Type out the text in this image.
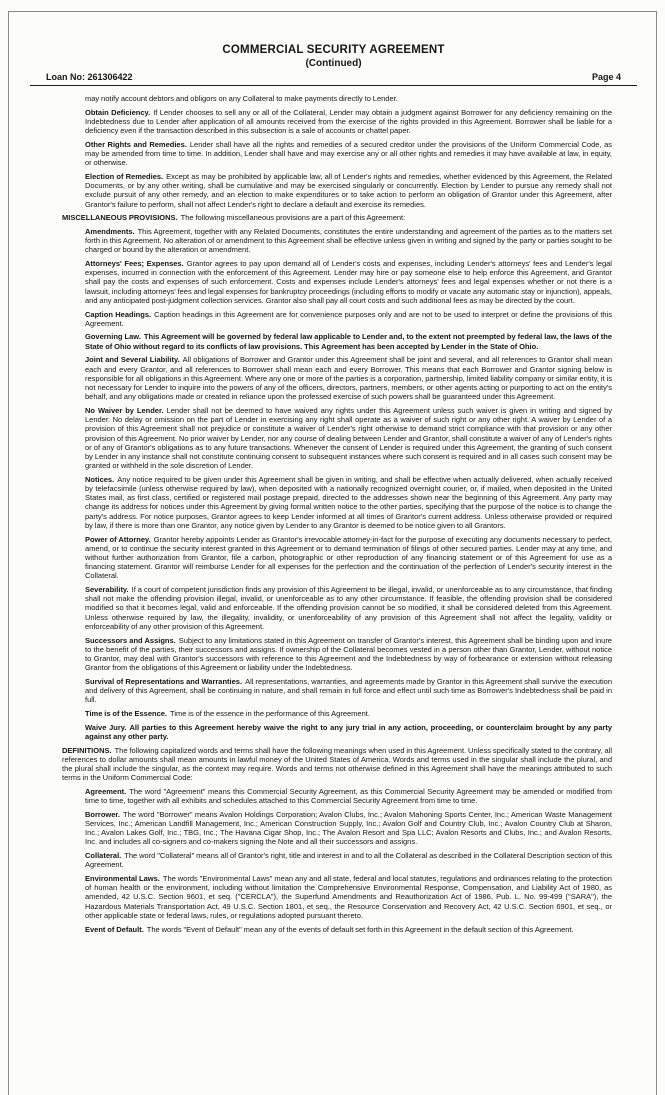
COMMERCIAL SECURITY AGREEMENT
(Continued)
Loan No: 261306422	Page 4

may notify account debtors and obligors on any Collateral to make payments directly to Lender.

Obtain Deficiency. If Lender chooses to sell any or all of the Collateral, Lender may obtain a judgment against Borrower for any deficiency remaining on the Indebtedness due to Lender after application of all amounts received from the exercise of the rights provided in this Agreement. Borrower shall be liable for a deficiency even if the transaction described in this subsection is a sale of accounts or chattel paper.

Other Rights and Remedies. Lender shall have all the rights and remedies of a secured creditor under the provisions of the Uniform Commercial Code, as may be amended from time to time. In addition, Lender shall have and may exercise any or all other rights and remedies it may have available at law, in equity, or otherwise.

Election of Remedies. Except as may be prohibited by applicable law, all of Lender's rights and remedies, whether evidenced by this Agreement, the Related Documents, or by any other writing, shall be cumulative and may be exercised singularly or concurrently. Election by Lender to pursue any remedy shall not exclude pursuit of any other remedy, and an election to make expenditures or to take action to perform an obligation of Grantor under this Agreement, after Grantor's failure to perform, shall not affect Lender's right to declare a default and exercise its remedies.

MISCELLANEOUS PROVISIONS. The following miscellaneous provisions are a part of this Agreement:

Amendments. This Agreement, together with any Related Documents, constitutes the entire understanding and agreement of the parties as to the matters set forth in this Agreement. No alteration of or amendment to this Agreement shall be effective unless given in writing and signed by the party or parties sought to be charged or bound by the alteration or amendment.

Attorneys' Fees; Expenses. Grantor agrees to pay upon demand all of Lender's costs and expenses, including Lender's attorneys' fees and Lender's legal expenses, incurred in connection with the enforcement of this Agreement. Lender may hire or pay someone else to help enforce this Agreement, and Grantor shall pay the costs and expenses of such enforcement. Costs and expenses include Lender's attorneys' fees and legal expenses whether or not there is a lawsuit, including attorneys' fees and legal expenses for bankruptcy proceedings (including efforts to modify or vacate any automatic stay or injunction), appeals, and any anticipated post-judgment collection services. Grantor also shall pay all court costs and such additional fees as may be directed by the court.

Caption Headings. Caption headings in this Agreement are for convenience purposes only and are not to be used to interpret or define the provisions of this Agreement.

Governing Law. This Agreement will be governed by federal law applicable to Lender and, to the extent not preempted by federal law, the laws of the State of Ohio without regard to its conflicts of law provisions. This Agreement has been accepted by Lender in the State of Ohio.

Joint and Several Liability. All obligations of Borrower and Grantor under this Agreement shall be joint and several, and all references to Grantor shall mean each and every Grantor, and all references to Borrower shall mean each and every Borrower. This means that each Borrower and Grantor signing below is responsible for all obligations in this Agreement. Where any one or more of the parties is a corporation, partnership, limited liability company or similar entity, it is not necessary for Lender to inquire into the powers of any of the officers, directors, partners, members, or other agents acting or purporting to act on the entity's behalf, and any obligations made or created in reliance upon the professed exercise of such powers shall be guaranteed under this Agreement.

No Waiver by Lender. Lender shall not be deemed to have waived any rights under this Agreement unless such waiver is given in writing and signed by Lender. No delay or omission on the part of Lender in exercising any right shall operate as a waiver of such right or any other right. A waiver by Lender of a provision of this Agreement shall not prejudice or constitute a waiver of Lender's right otherwise to demand strict compliance with that provision or any other provision of this Agreement. No prior waiver by Lender, nor any course of dealing between Lender and Grantor, shall constitute a waiver of any of Lender's rights or of any of Grantor's obligations as to any future transactions. Whenever the consent of Lender is required under this Agreement, the granting of such consent by Lender in any instance shall not constitute continuing consent to subsequent instances where such consent is required and in all cases such consent may be granted or withheld in the sole discretion of Lender.

Notices. Any notice required to be given under this Agreement shall be given in writing, and shall be effective when actually delivered, when actually received by telefacsimile (unless otherwise required by law), when deposited with a nationally recognized overnight courier, or, if mailed, when deposited in the United States mail, as first class, certified or registered mail postage prepaid, directed to the addresses shown near the beginning of this Agreement. Any party may change its address for notices under this Agreement by giving formal written notice to the other parties, specifying that the purpose of the notice is to change the party's address. For notice purposes, Grantor agrees to keep Lender informed at all times of Grantor's current address. Unless otherwise provided or required by law, if there is more than one Grantor, any notice given by Lender to any Grantor is deemed to be notice given to all Grantors.

Power of Attorney. Grantor hereby appoints Lender as Grantor's irrevocable attorney-in-fact for the purpose of executing any documents necessary to perfect, amend, or to continue the security interest granted in this Agreement or to demand termination of filings of other secured parties. Lender may at any time, and without further authorization from Grantor, file a carbon, photographic or other reproduction of any financing statement or of this Agreement for use as a financing statement. Grantor will reimburse Lender for all expenses for the perfection and the continuation of the perfection of Lender's security interest in the Collateral.

Severability. If a court of competent jurisdiction finds any provision of this Agreement to be illegal, invalid, or unenforceable as to any circumstance, that finding shall not make the offending provision illegal, invalid, or unenforceable as to any other circumstance. If feasible, the offending provision shall be considered modified so that it becomes legal, valid and enforceable. If the offending provision cannot be so modified, it shall be considered deleted from this Agreement. Unless otherwise required by law, the illegality, invalidity, or unenforceability of any provision of this Agreement shall not affect the legality, validity or enforceability of any other provision of this Agreement.

Successors and Assigns. Subject to any limitations stated in this Agreement on transfer of Grantor's interest, this Agreement shall be binding upon and inure to the benefit of the parties, their successors and assigns. If ownership of the Collateral becomes vested in a person other than Grantor, Lender, without notice to Grantor, may deal with Grantor's successors with reference to this Agreement and the Indebtedness by way of forbearance or extension without releasing Grantor from the obligations of this Agreement or liability under the Indebtedness.

Survival of Representations and Warranties. All representations, warranties, and agreements made by Grantor in this Agreement shall survive the execution and delivery of this Agreement, shall be continuing in nature, and shall remain in full force and effect until such time as Borrower's Indebtedness shall be paid in full.

Time is of the Essence. Time is of the essence in the performance of this Agreement.

Waive Jury. All parties to this Agreement hereby waive the right to any jury trial in any action, proceeding, or counterclaim brought by any party against any other party.

DEFINITIONS. The following capitalized words and terms shall have the following meanings when used in this Agreement. Unless specifically stated to the contrary, all references to dollar amounts shall mean amounts in lawful money of the United States of America. Words and terms used in the singular shall include the plural, and the plural shall include the singular, as the context may require. Words and terms not otherwise defined in this Agreement shall have the meanings attributed to such terms in the Uniform Commercial Code:

Agreement. The word "Agreement" means this Commercial Security Agreement, as this Commercial Security Agreement may be amended or modified from time to time, together with all exhibits and schedules attached to this Commercial Security Agreement from time to time.

Borrower. The word "Borrower" means Avalon Holdings Corporation; Avalon Clubs, Inc.; Avalon Mahoning Sports Center, Inc.; American Waste Management Services, Inc.; American Landfill Management, Inc.; American Construction Supply, Inc.; Avalon Golf and Country Club, Inc.; Avalon Country Club at Sharon, Inc.; Avalon Lakes Golf, Inc.; TBG, Inc.; The Havana Cigar Shop, Inc.; The Avalon Resort and Spa LLC; Avalon Resorts and Clubs, Inc.; and Avalon Resorts, Inc. and includes all co-signers and co-makers signing the Note and all their successors and assigns.

Collateral. The word "Collateral" means all of Grantor's right, title and interest in and to all the Collateral as described in the Collateral Description section of this Agreement.

Environmental Laws. The words "Environmental Laws" mean any and all state, federal and local statutes, regulations and ordinances relating to the protection of human health or the environment, including without limitation the Comprehensive Environmental Response, Compensation, and Liability Act of 1980, as amended, 42 U.S.C. Section 9601, et seq. ("CERCLA"), the Superfund Amendments and Reauthorization Act of 1986, Pub. L. No. 99-499 ("SARA"), the Hazardous Materials Transportation Act, 49 U.S.C. Section 1801, et seq., the Resource Conservation and Recovery Act, 42 U.S.C. Section 6901, et seq., or other applicable state or federal laws, rules, or regulations adopted pursuant thereto.

Event of Default. The words "Event of Default" mean any of the events of default set forth in this Agreement in the default section of this Agreement.
